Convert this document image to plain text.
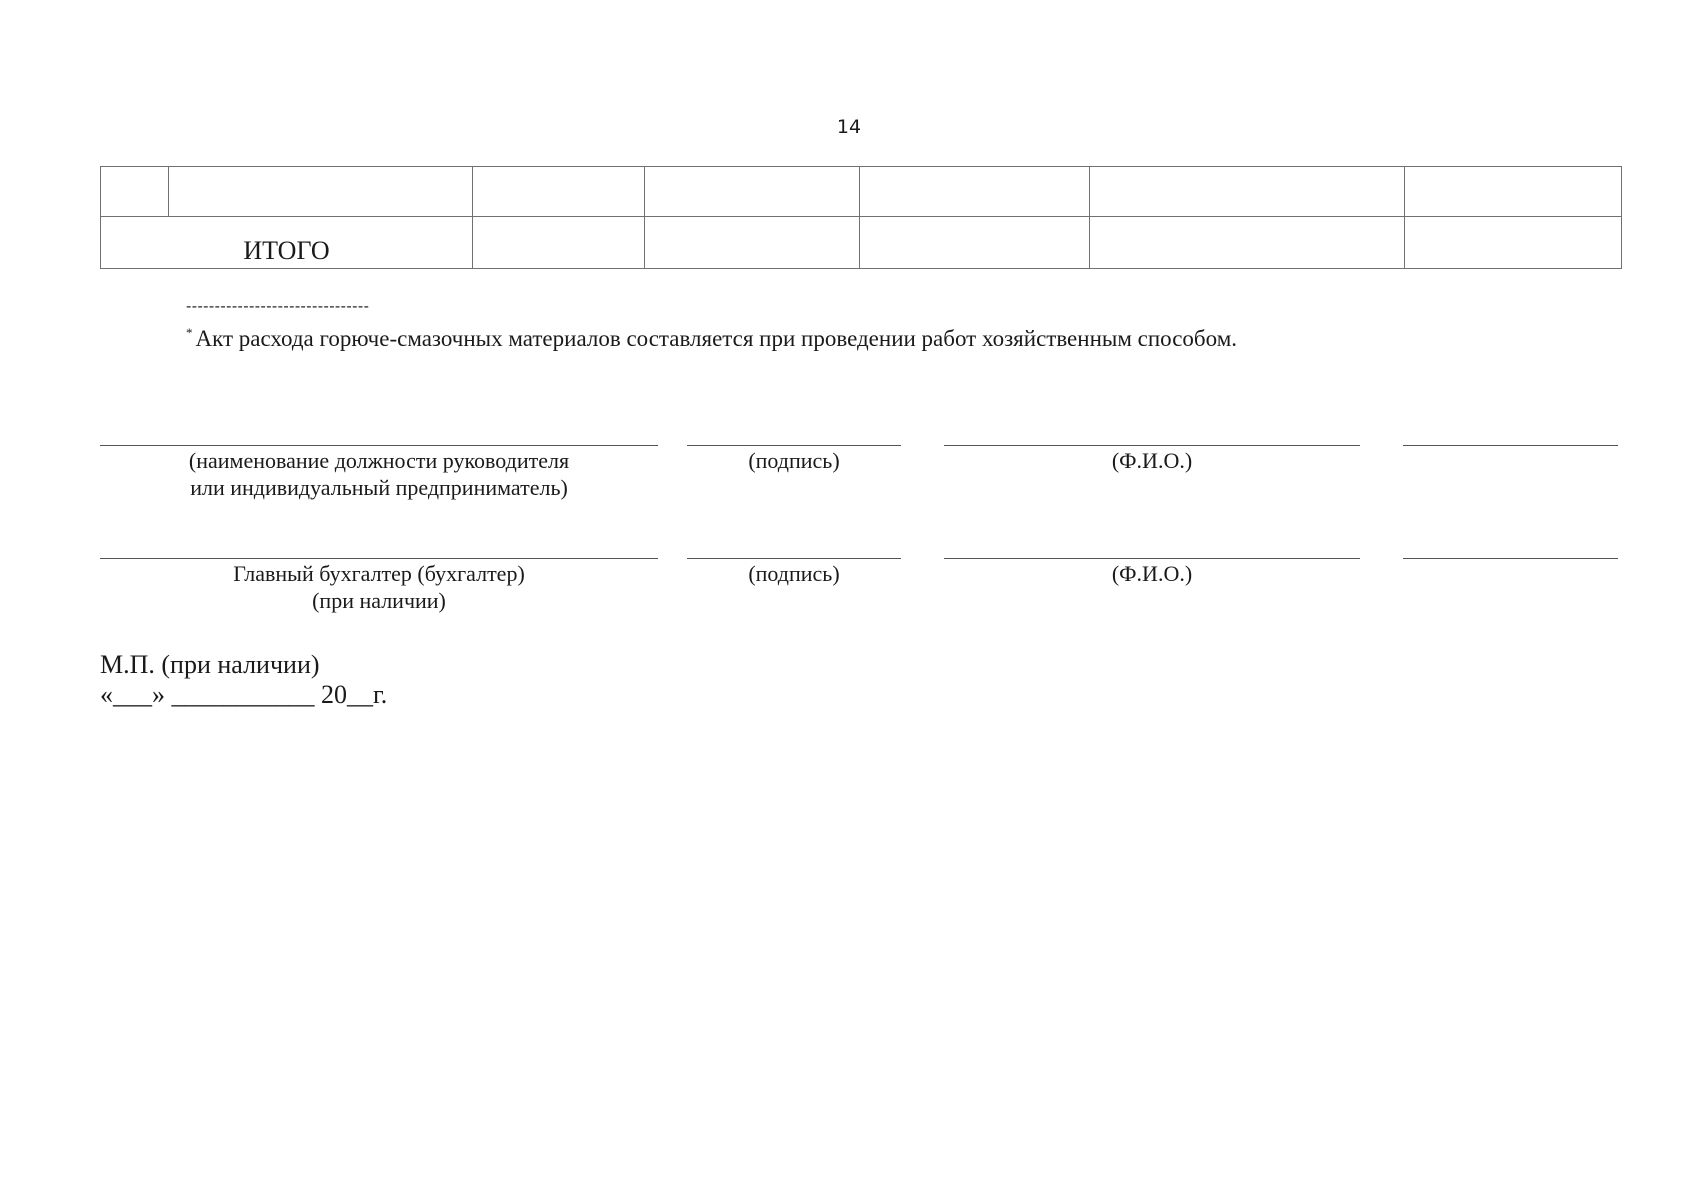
14

ИТОГО						
--------------------------------
* Акт расхода горюче-смазочных материалов составляется при проведении работ хозяйственным способом.
(наименование должности руководителя
или индивидуальный предприниматель)
(подпись)	(Ф.И.О.)
Главный бухгалтер (бухгалтер)
(при наличии)
(подпись)	(Ф.И.О.)
М.П. (при наличии)
«___» ___________ 20__г.
